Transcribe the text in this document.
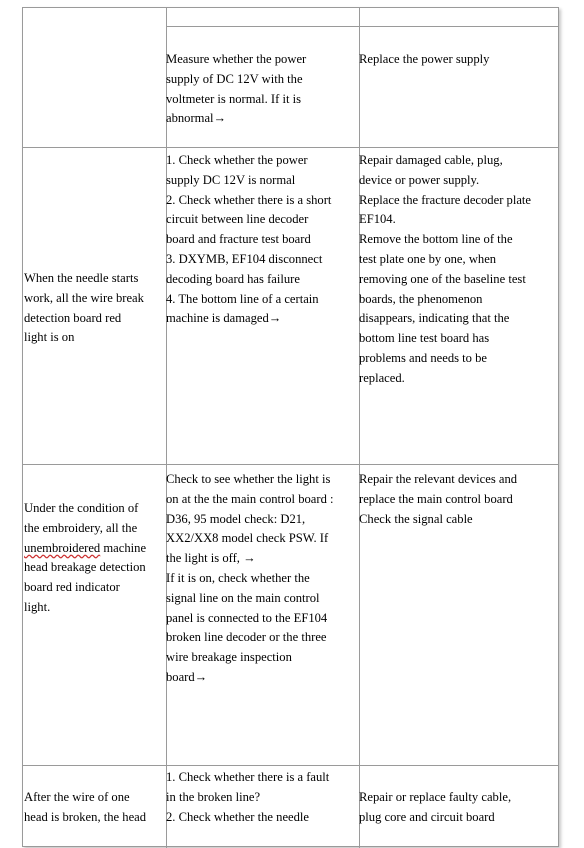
Measure whether the power
supply of DC 12V with the
voltmeter is normal. If it is
abnormal→
Replace the power supply
When the needle starts
work, all the wire break
detection board red
light is on
1. Check whether the power
supply DC 12V is normal
2. Check whether there is a short
circuit between line decoder
board and fracture test board
3. DXYMB, EF104 disconnect
decoding board has failure
4. The bottom line of a certain
machine is damaged→
Repair damaged cable, plug,
device or power supply.
Replace the fracture decoder plate
EF104.
Remove the bottom line of the
test plate one by one, when
removing one of the baseline test
boards, the phenomenon
disappears, indicating that the
bottom line test board has
problems and needs to be
replaced.
Under the condition of
the embroidery, all the
unembroidered machine
head breakage detection
board red indicator
light.
Check to see whether the light is
on at the the main control board :
D36, 95 model check: D21,
XX2/XX8 model check PSW. If
the light is off, →
If it is on, check whether the
signal line on the main control
panel is connected to the EF104
broken line decoder or the three
wire breakage inspection
board→
Repair the relevant devices and
replace the main control board
Check the signal cable
After the wire of one
head is broken, the head
1. Check whether there is a fault
in the broken line?
2. Check whether the needle

Repair or replace faulty cable,
plug core and circuit board
